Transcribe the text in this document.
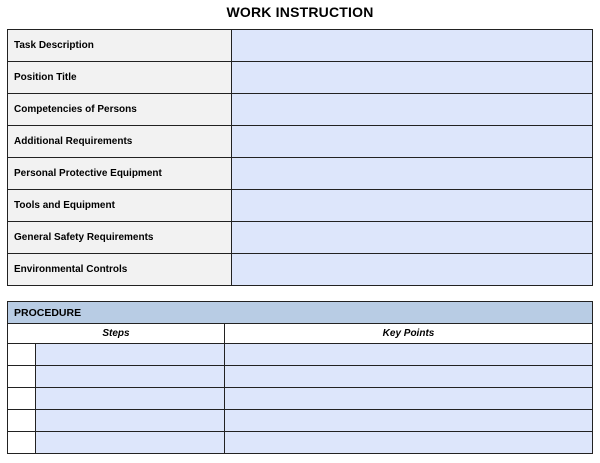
WORK INSTRUCTION
Task Description	
Position Title	
Competencies of Persons	
Additional Requirements	
Personal Protective Equipment	
Tools and Equipment	
General Safety Requirements	
Environmental Controls	
PROCEDURE		
Steps		Key Points
